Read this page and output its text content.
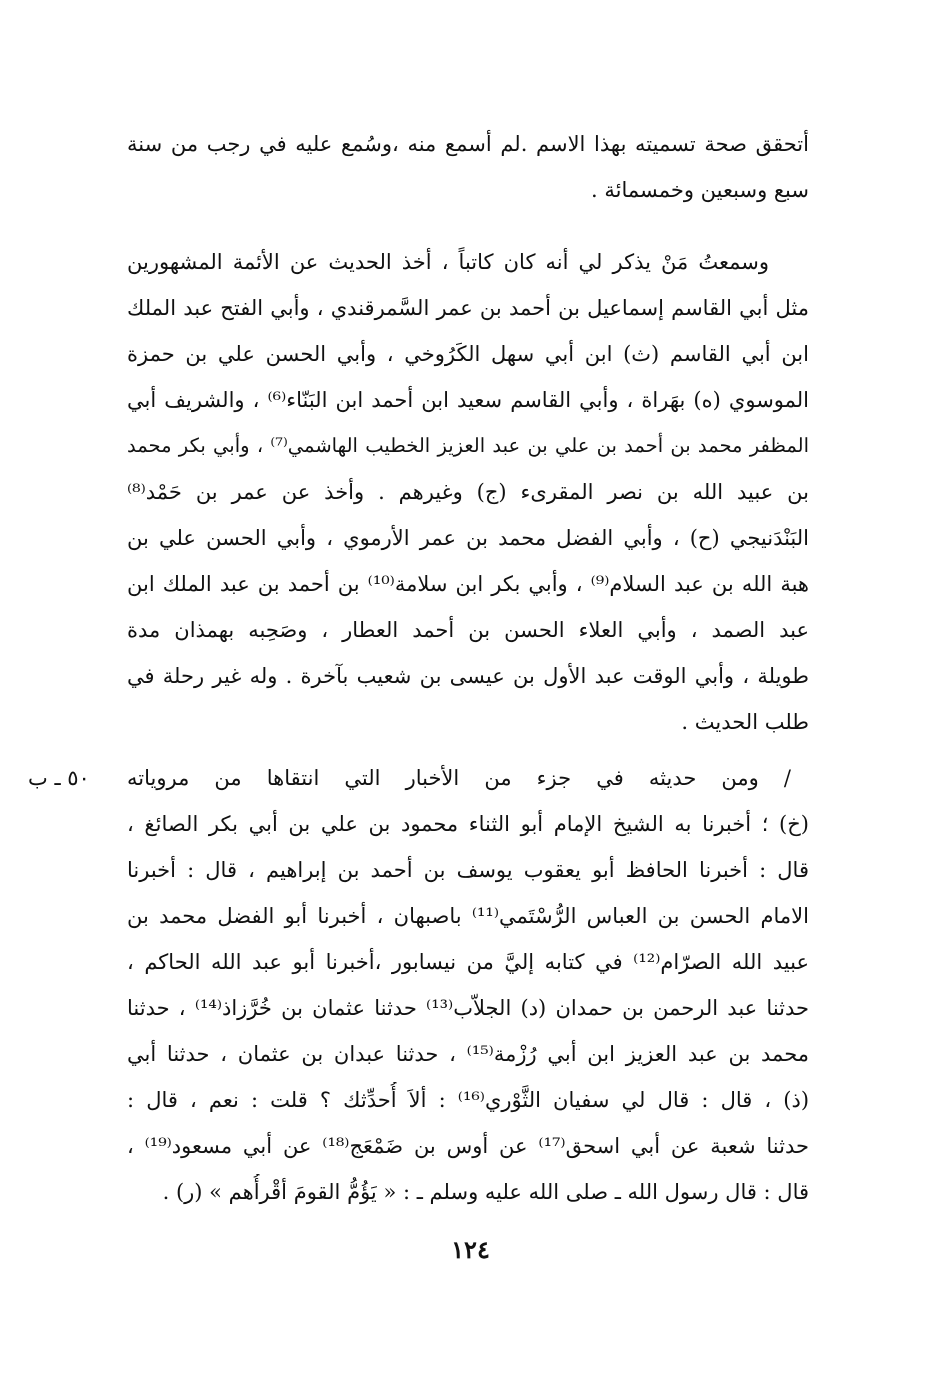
أتحقق صحة تسميته بهذا الاسم .لم أسمع منه ،وسُمع عليه في رجب من سنة
سبع وسبعين وخمسمائة .
وسمعتُ مَنْ يذكر لي أنه كان كاتباً ، أخذ الحديث عن الأئمة المشهورين
مثل أبي القاسم إسماعيل بن أحمد بن عمر السَّمرقندي ، وأبي الفتح عبد الملك
ابن أبي القاسم (ث) ابن أبي سهل الكَرُوخي ، وأبي الحسن علي بن حمزة
الموسوي (ه) بهَراة ، وأبي القاسم سعيد ابن أحمد ابن البَنّاء⁽⁶⁾ ، والشريف أبي
المظفر محمد بن أحمد بن علي بن عبد العزيز الخطيب الهاشمي⁽⁷⁾ ، وأبي بكر محمد
بن عبيد الله بن نصر المقرىء (ج) وغيرهم . وأخذ عن عمر بن حَمْد⁽⁸⁾
البَنْدَنيجي (ح) ، وأبي الفضل محمد بن عمر الأرموي ، وأبي الحسن علي بن
هبة الله بن عبد السلام⁽⁹⁾ ، وأبي بكر ابن سلامة⁽¹⁰⁾ بن أحمد بن عبد الملك ابن
عبد الصمد ، وأبي العلاء الحسن بن أحمد العطار ، وصَحِبه بهمذان مدة
طويلة ، وأبي الوقت عبد الأول بن عيسى بن شعيب بآخرة . وله غير رحلة في
طلب الحديث .
٥٠ ـ ب / ومن حديثه في جزء من الأخبار التي انتقاها من مروياته
(خ) ؛ أخبرنا به الشيخ الإمام أبو الثناء محمود بن علي بن أبي بكر الصائغ ،
قال : أخبرنا الحافظ أبو يعقوب يوسف بن أحمد بن إبراهيم ، قال : أخبرنا
الامام الحسن بن العباس الرُّسْتَمي⁽¹¹⁾ باصبهان ، أخبرنا أبو الفضل محمد بن
عبيد الله الصرّام⁽¹²⁾ في كتابه إليَّ من نيسابور ،أخبرنا أبو عبد الله الحاكم ،
حدثنا عبد الرحمن بن حمدان (د) الجلاّب⁽¹³⁾ حدثنا عثمان بن خُرَّزاذ⁽¹⁴⁾ ، حدثنا
محمد بن عبد العزيز ابن أبي رُزْمة⁽¹⁵⁾ ، حدثنا عبدان بن عثمان ، حدثنا أبي
(ذ) ، قال : قال لي سفيان الثَّوْري⁽¹⁶⁾ : ألاَ أُحدِّثك ؟ قلت : نعم ، قال :
حدثنا شعبة عن أبي اسحق⁽¹⁷⁾ عن أوس بن ضَمْعَج⁽¹⁸⁾ عن أبي مسعود⁽¹⁹⁾ ،
قال : قال رسول الله ـ صلى الله عليه وسلم ـ : « يَؤُمُّ القومَ أقْرأُهم » (ر) .
١٢٤
